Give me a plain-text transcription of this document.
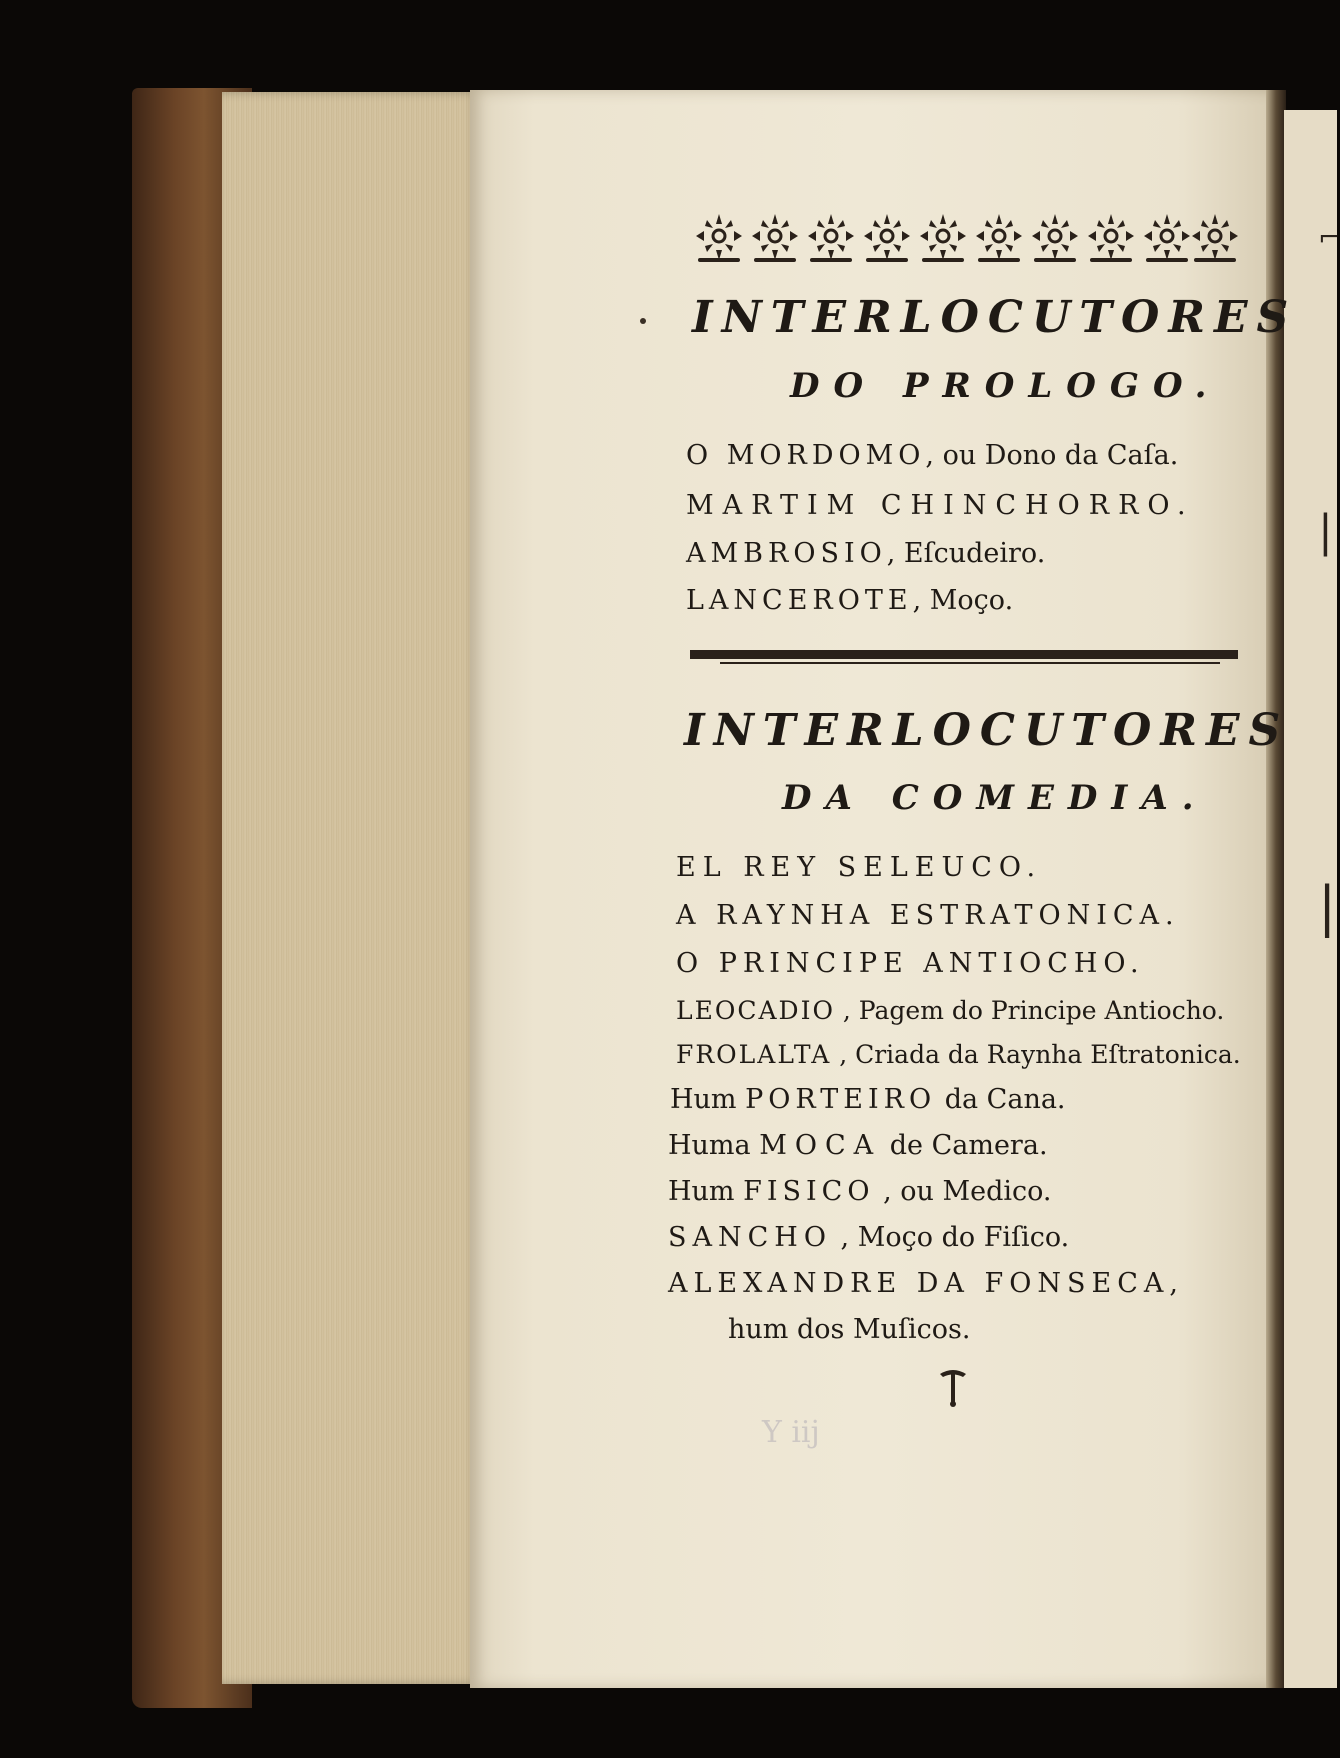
INTERLOCUTORES
DO PROLOGO.
O MORDOMO, ou Dono da Caſa.
MARTIM CHINCHORRO.
AMBROSIO, Eſcudeiro.
LANCEROTE, Moço.
INTERLOCUTORES
DA COMEDIA.
EL REY SELEUCO.
A RAYNHA ESTRATONICA.
O PRINCIPE ANTIOCHO.
LEOCADIO , Pagem do Principe Antiocho.
FROLALTA , Criada da Raynha Eſtratonica.
Hum PORTEIRO da Cana.
Huma MOCA de Camera.
Hum FISICO , ou Medico.
SANCHO , Moço do Fiſico.
ALEXANDRE DA FONSECA,
hum dos Muſicos.
Y iij
⌐
|
|
